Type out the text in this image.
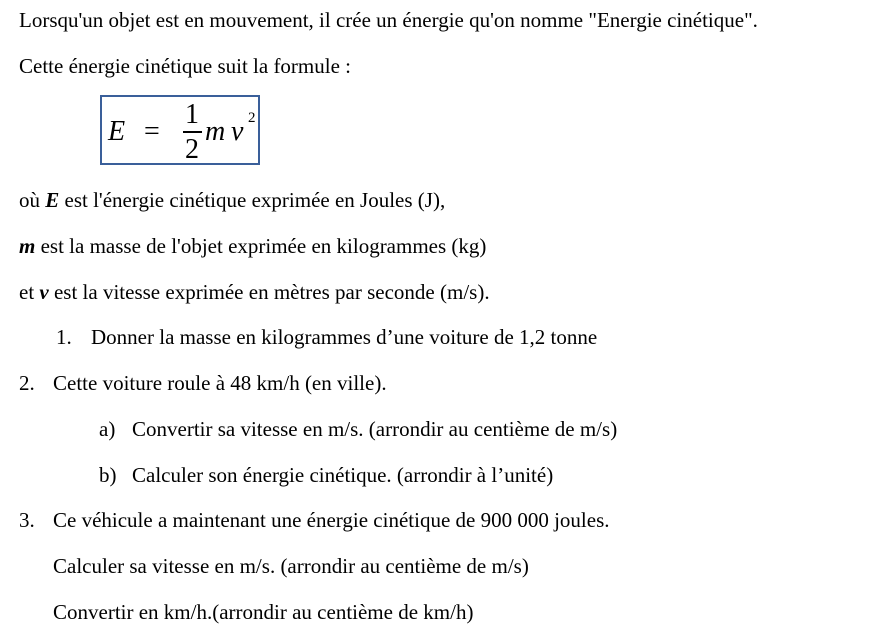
Lorsqu'un objet est en mouvement, il crée un énergie qu'on nomme "Energie cinétique".
Cette énergie cinétique suit la formule :
E =
1
2
m v 2
où E est l'énergie cinétique exprimée en Joules (J),
m est la masse de l'objet exprimée en kilogrammes (kg)
et v est la vitesse exprimée en mètres par seconde (m/s).
1. Donner la masse en kilogrammes d’une voiture de 1,2 tonne
2. Cette voiture roule à 48 km/h (en ville).
a) Convertir sa vitesse en m/s. (arrondir au centième de m/s)
b) Calculer son énergie cinétique. (arrondir à l’unité)
3. Ce véhicule a maintenant une énergie cinétique de 900 000 joules.
Calculer sa vitesse en m/s. (arrondir au centième de m/s)
Convertir en km/h.(arrondir au centième de km/h)
